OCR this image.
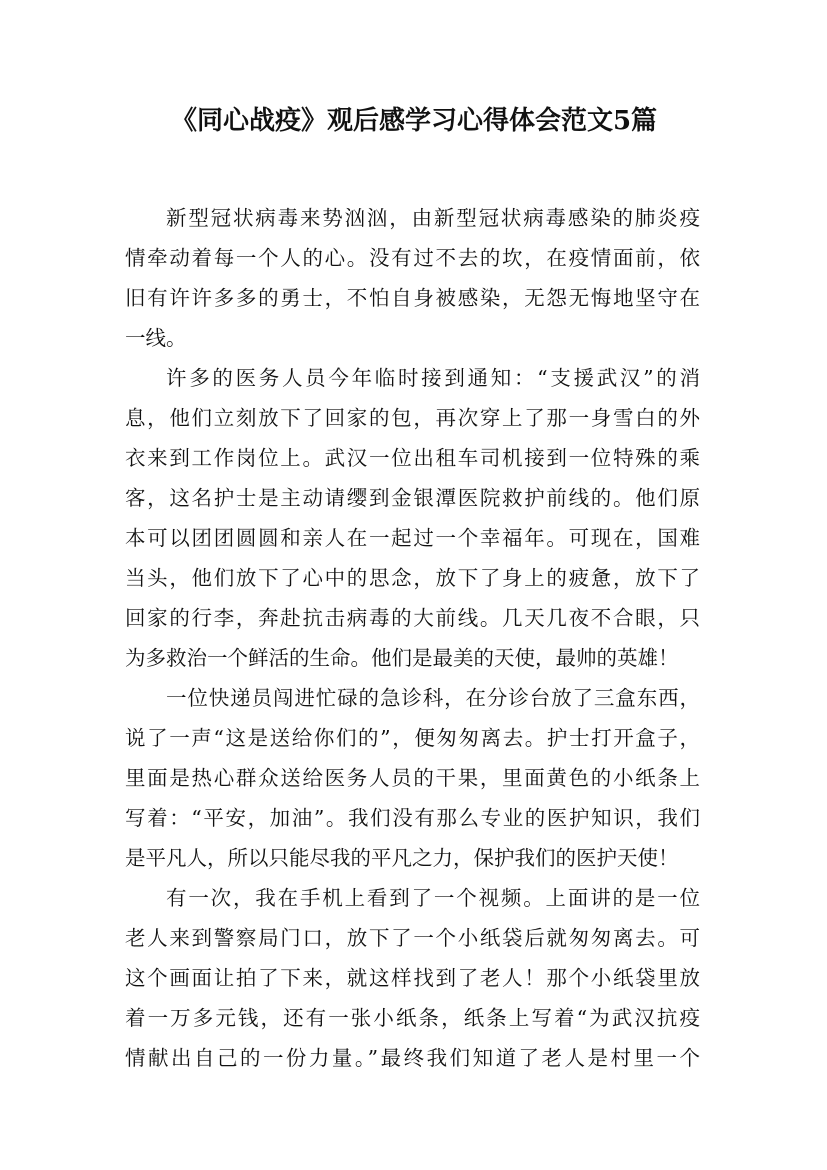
《同心战疫》观后感学习心得体会范文5篇
新型冠状病毒来势汹汹，由新型冠状病毒感染的肺炎疫
情牵动着每一个人的心。没有过不去的坎，在疫情面前，依
旧有许许多多的勇士，不怕自身被感染，无怨无悔地坚守在
一线。
许多的医务人员今年临时接到通知：“支援武汉”的消
息，他们立刻放下了回家的包，再次穿上了那一身雪白的外
衣来到工作岗位上。武汉一位出租车司机接到一位特殊的乘
客，这名护士是主动请缨到金银潭医院救护前线的。他们原
本可以团团圆圆和亲人在一起过一个幸福年。可现在，国难
当头，他们放下了心中的思念，放下了身上的疲惫，放下了
回家的行李，奔赴抗击病毒的大前线。几天几夜不合眼，只
为多救治一个鲜活的生命。他们是最美的天使，最帅的英雄！
一位快递员闯进忙碌的急诊科，在分诊台放了三盒东西，
说了一声“这是送给你们的”，便匆匆离去。护士打开盒子，
里面是热心群众送给医务人员的干果，里面黄色的小纸条上
写着：“平安，加油”。我们没有那么专业的医护知识，我们
是平凡人，所以只能尽我的平凡之力，保护我们的医护天使！
有一次，我在手机上看到了一个视频。上面讲的是一位
老人来到警察局门口，放下了一个小纸袋后就匆匆离去。可
这个画面让拍了下来，就这样找到了老人！那个小纸袋里放
着一万多元钱，还有一张小纸条，纸条上写着“为武汉抗疫
情献出自己的一份力量。”最终我们知道了老人是村里一个
